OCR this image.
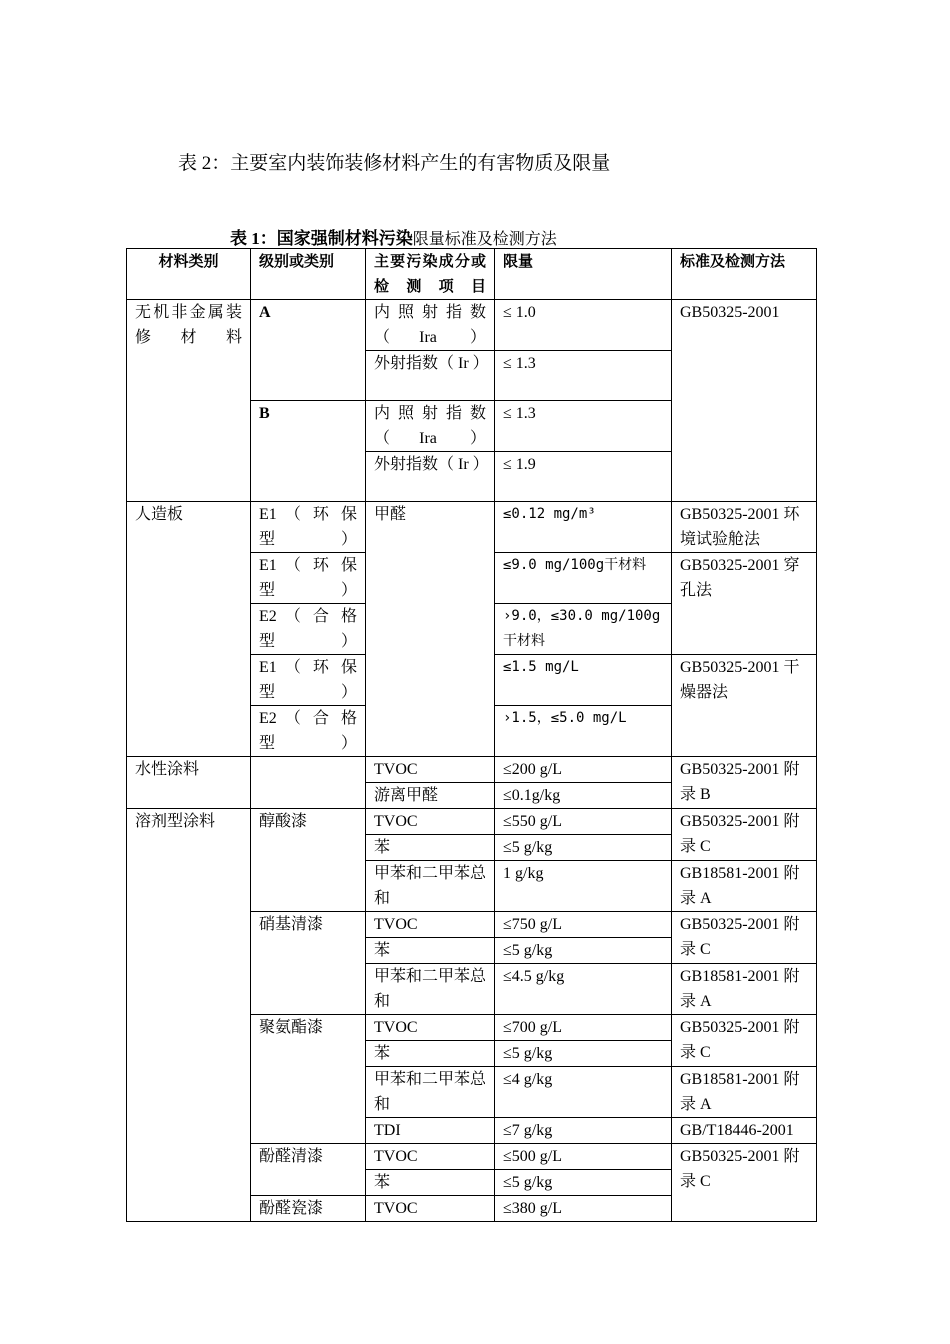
表 2：主要室内装饰装修材料产生的有害物质及限量
表 1：国家强制材料污染限量标准及检测方法
材料类别	级别或类别	主要污染成分或检测项目	限量	标准及检测方法
无机非金属装修材料	A	内照射指数（Ira ）	≤ 1.0	GB50325-2001
		外射指数（ Ir ）	≤ 1.3	
	B	内照射指数（Ira ）	≤ 1.3	
		外射指数（ Ir ）	≤ 1.9	
人造板	E1 （ 环 保 型）	甲醛	≤0.12 mg/m³	GB50325-2001 环境试验舱法
	E1 （ 环 保 型）		≤9.0 mg/100g干材料	GB50325-2001 穿孔法
	E2 （ 合 格 型）		›9.0，≤30.0 mg/100g干材料	
	E1 （ 环 保 型）		≤1.5 mg/L	GB50325-2001 干燥器法
	E2 （ 合 格 型）		›1.5，≤5.0 mg/L	
水性涂料		TVOC	≤200 g/L	GB50325-2001 附录 B
		游离甲醛	≤0.1g/kg	
溶剂型涂料	醇酸漆	TVOC	≤550 g/L	GB50325-2001 附录 C
		苯	≤5 g/kg	
		甲苯和二甲苯总和	1 g/kg	GB18581-2001 附录 A
	硝基清漆	TVOC	≤750 g/L	GB50325-2001 附录 C
		苯	≤5 g/kg	
		甲苯和二甲苯总和	≤4.5 g/kg	GB18581-2001 附录 A
	聚氨酯漆	TVOC	≤700 g/L	GB50325-2001 附录 C
		苯	≤5 g/kg	
		甲苯和二甲苯总和	≤4 g/kg	GB18581-2001 附录 A
		TDI	≤7 g/kg	GB/T18446-2001
	酚醛清漆	TVOC	≤500 g/L	GB50325-2001 附录 C
		苯	≤5 g/kg	
	酚醛瓷漆	TVOC	≤380 g/L	
